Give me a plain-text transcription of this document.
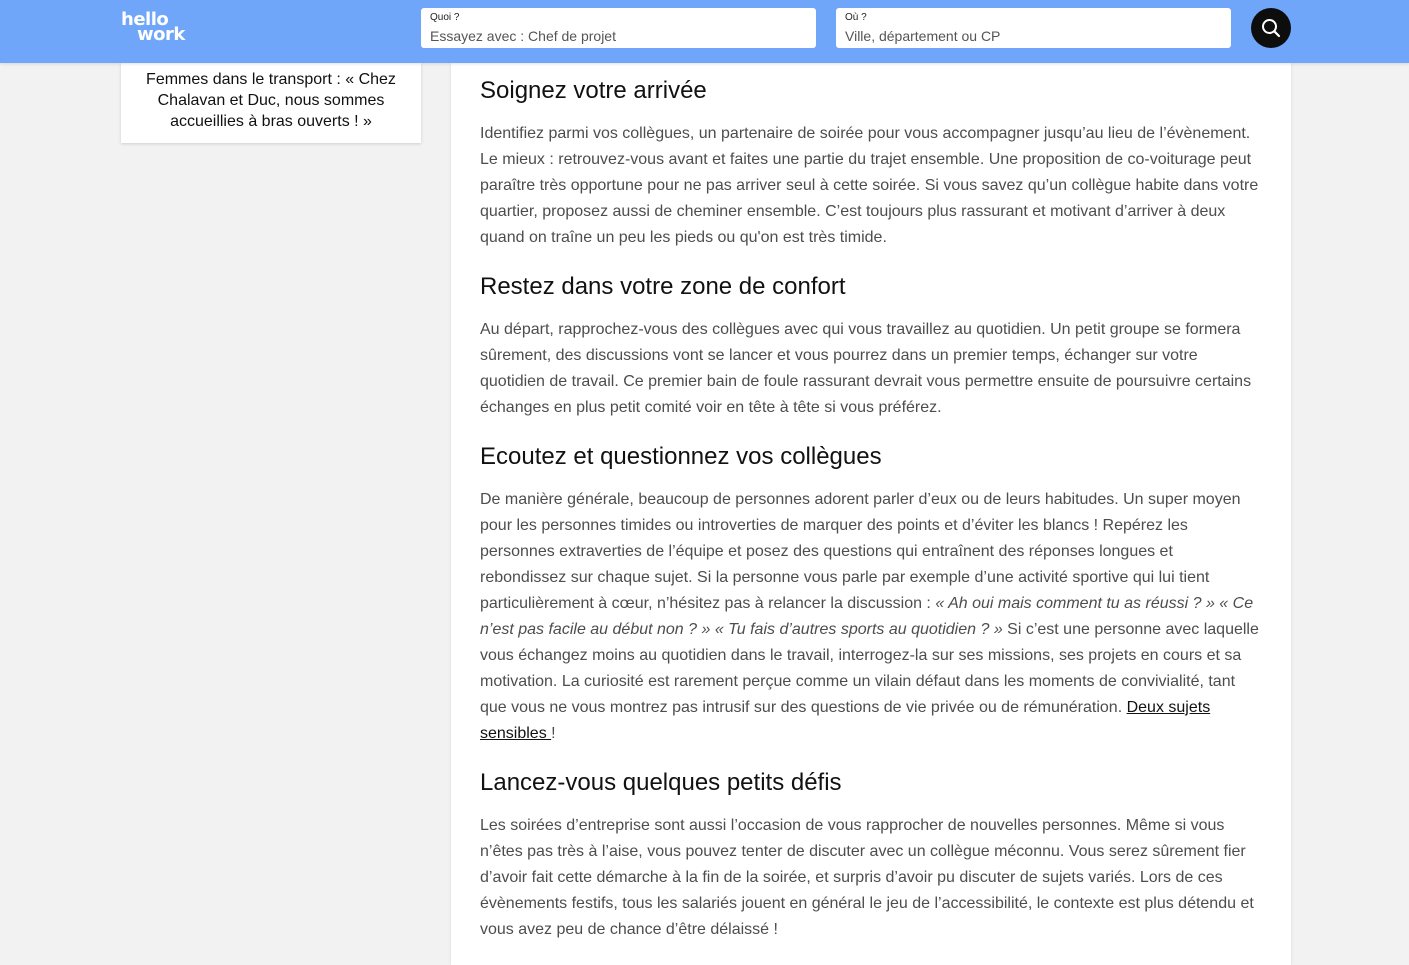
hello
work
Quoi ?
Essayez avec : Chef de projet	Où ?
Ville, département ou CP
Femmes dans le transport : « Chez Chalavan et Duc, nous sommes accueillies à bras ouverts ! »
Soignez votre arrivée

Identifiez parmi vos collègues, un partenaire de soirée pour vous accompagner jusqu’au lieu de l’évènement. Le mieux : retrouvez-vous avant et faites une partie du trajet ensemble. Une proposition de co-voiturage peut paraître très opportune pour ne pas arriver seul à cette soirée. Si vous savez qu’un collègue habite dans votre quartier, proposez aussi de cheminer ensemble. C’est toujours plus rassurant et motivant d’arriver à deux quand on traîne un peu les pieds ou qu'on est très timide.

Restez dans votre zone de confort

Au départ, rapprochez-vous des collègues avec qui vous travaillez au quotidien. Un petit groupe se formera sûrement, des discussions vont se lancer et vous pourrez dans un premier temps, échanger sur votre quotidien de travail. Ce premier bain de foule rassurant devrait vous permettre ensuite de poursuivre certains échanges en plus petit comité voir en tête à tête si vous préférez.

Ecoutez et questionnez vos collègues

De manière générale, beaucoup de personnes adorent parler d’eux ou de leurs habitudes. Un super moyen pour les personnes timides ou introverties de marquer des points et d’éviter les blancs ! Repérez les personnes extraverties de l’équipe et posez des questions qui entraînent des réponses longues et rebondissez sur chaque sujet. Si la personne vous parle par exemple d’une activité sportive qui lui tient particulièrement à cœur, n’hésitez pas à relancer la discussion : « Ah oui mais comment tu as réussi ? » « Ce n’est pas facile au début non ? » « Tu fais d’autres sports au quotidien ? » Si c’est une personne avec laquelle vous échangez moins au quotidien dans le travail, interrogez-la sur ses missions, ses projets en cours et sa motivation. La curiosité est rarement perçue comme un vilain défaut dans les moments de convivialité, tant que vous ne vous montrez pas intrusif sur des questions de vie privée ou de rémunération. Deux sujets sensibles !

Lancez-vous quelques petits défis

Les soirées d’entreprise sont aussi l’occasion de vous rapprocher de nouvelles personnes. Même si vous n’êtes pas très à l’aise, vous pouvez tenter de discuter avec un collègue méconnu. Vous serez sûrement fier d’avoir fait cette démarche à la fin de la soirée, et surpris d’avoir pu discuter de sujets variés. Lors de ces évènements festifs, tous les salariés jouent en général le jeu de l’accessibilité, le contexte est plus détendu et vous avez peu de chance d’être délaissé !
